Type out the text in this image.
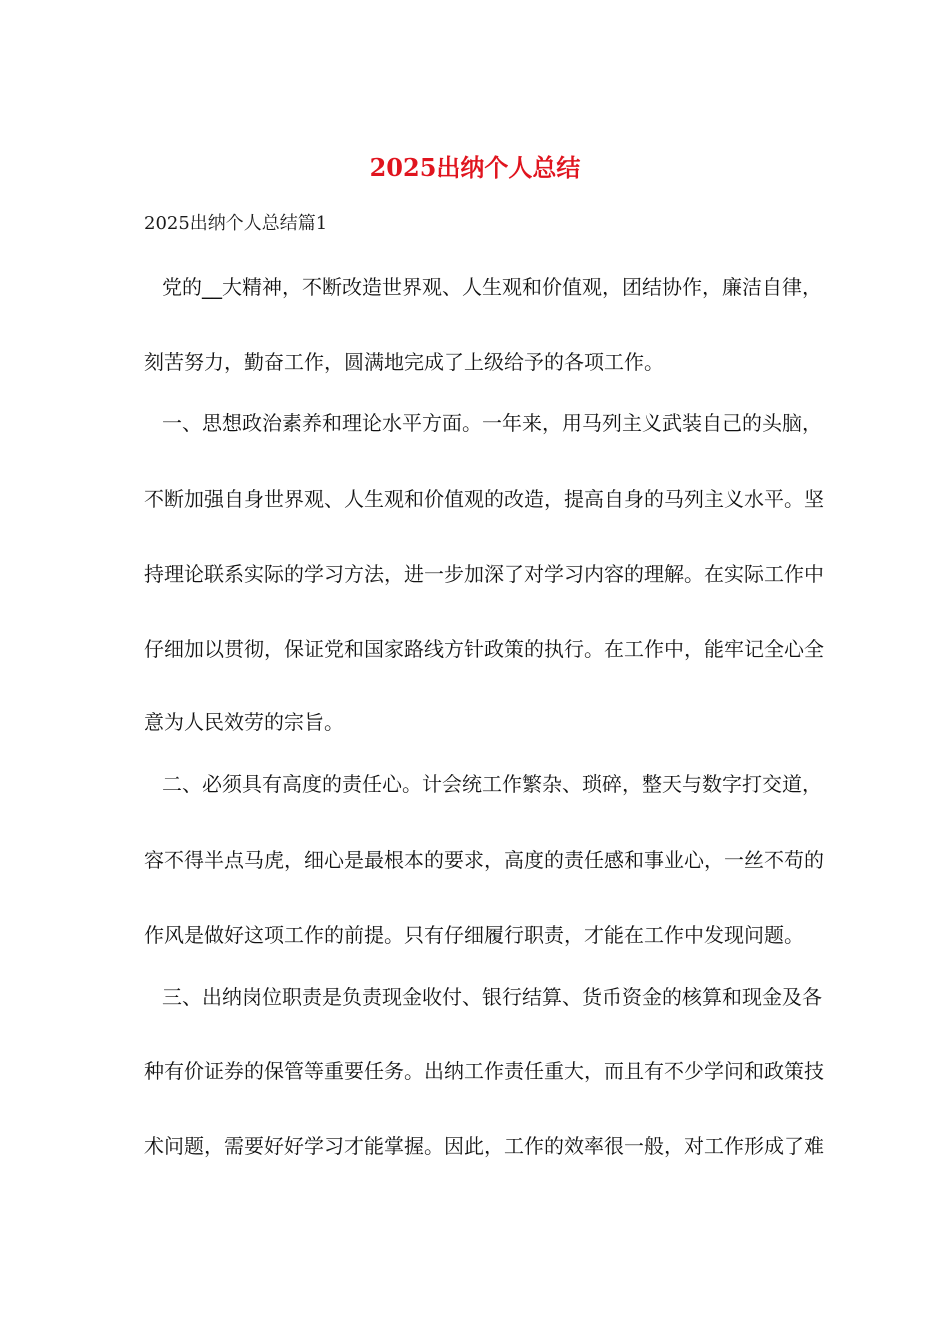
2025出纳个人总结
2025出纳个人总结篇1
党的__大精神，不断改造世界观、人生观和价值观，团结协作，廉洁自律，
刻苦努力，勤奋工作，圆满地完成了上级给予的各项工作。
一、思想政治素养和理论水平方面。一年来，用马列主义武装自己的头脑，
不断加强自身世界观、人生观和价值观的改造，提高自身的马列主义水平。坚
持理论联系实际的学习方法，进一步加深了对学习内容的理解。在实际工作中
仔细加以贯彻，保证党和国家路线方针政策的执行。在工作中，能牢记全心全
意为人民效劳的宗旨。
二、必须具有高度的责任心。计会统工作繁杂、琐碎，整天与数字打交道，
容不得半点马虎，细心是最根本的要求，高度的责任感和事业心，一丝不苟的
作风是做好这项工作的前提。只有仔细履行职责，才能在工作中发现问题。
三、出纳岗位职责是负责现金收付、银行结算、货币资金的核算和现金及各
种有价证券的保管等重要任务。出纳工作责任重大，而且有不少学问和政策技
术问题，需要好好学习才能掌握。因此，工作的效率很一般，对工作形成了难
